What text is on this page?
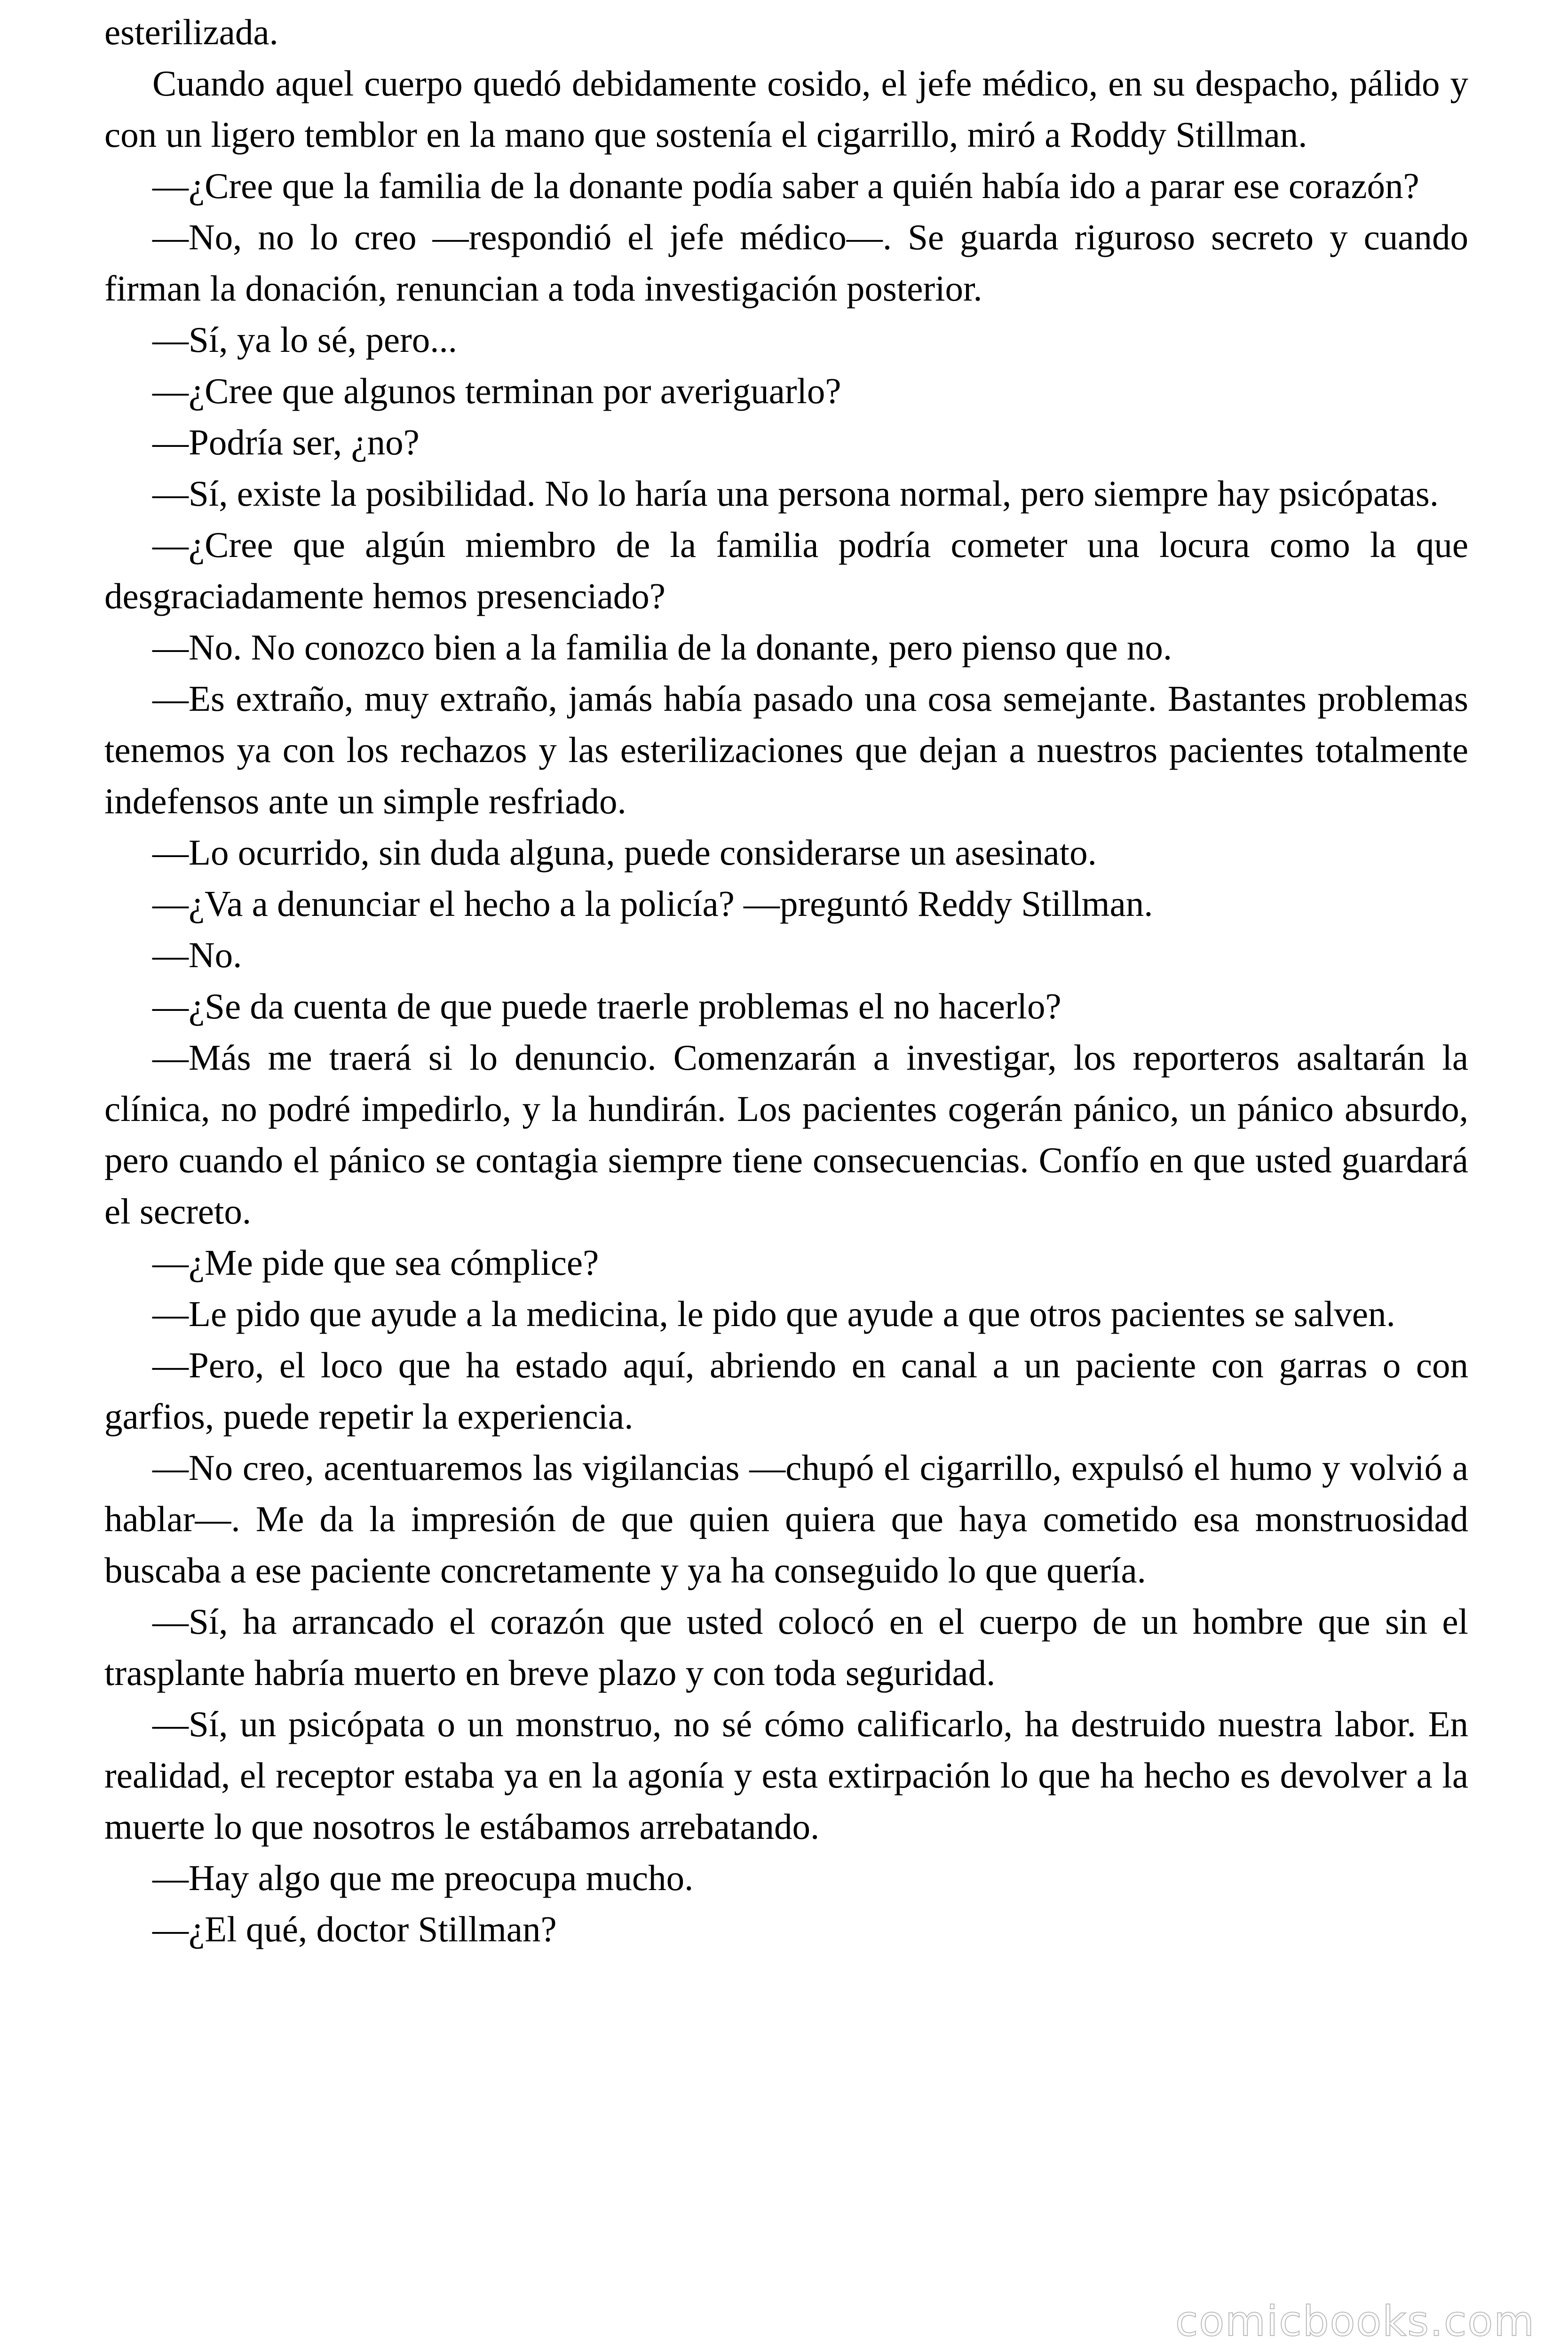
esterilizada.

Cuando aquel cuerpo quedó debidamente cosido, el jefe médico, en su despacho, pálido y con un ligero temblor en la mano que sostenía el cigarrillo, miró a Roddy Stillman.

—¿Cree que la familia de la donante podía saber a quién había ido a parar ese corazón?

—No, no lo creo —respondió el jefe médico—. Se guarda riguroso secreto y cuando firman la donación, renuncian a toda investigación posterior.

—Sí, ya lo sé, pero...

—¿Cree que algunos terminan por averiguarlo?

—Podría ser, ¿no?

—Sí, existe la posibilidad. No lo haría una persona normal, pero siempre hay psicópatas.

—¿Cree que algún miembro de la familia podría cometer una locura como la que desgraciadamente hemos presenciado?

—No. No conozco bien a la familia de la donante, pero pienso que no.

—Es extraño, muy extraño, jamás había pasado una cosa semejante. Bastantes problemas tenemos ya con los rechazos y las esterilizaciones que dejan a nuestros pacientes totalmente indefensos ante un simple resfriado.

—Lo ocurrido, sin duda alguna, puede considerarse un asesinato.

—¿Va a denunciar el hecho a la policía? —preguntó Reddy Stillman.

—No.

—¿Se da cuenta de que puede traerle problemas el no hacerlo?

—Más me traerá si lo denuncio. Comenzarán a investigar, los reporteros asaltarán la clínica, no podré impedirlo, y la hundirán. Los pacientes cogerán pánico, un pánico absurdo, pero cuando el pánico se contagia siempre tiene consecuencias. Confío en que usted guardará el secreto.

—¿Me pide que sea cómplice?

—Le pido que ayude a la medicina, le pido que ayude a que otros pacientes se salven.

—Pero, el loco que ha estado aquí, abriendo en canal a un paciente con garras o con garfios, puede repetir la experiencia.

—No creo, acentuaremos las vigilancias —chupó el cigarrillo, expulsó el humo y volvió a hablar—. Me da la impresión de que quien quiera que haya cometido esa monstruosidad buscaba a ese paciente concretamente y ya ha conseguido lo que quería.

—Sí, ha arrancado el corazón que usted colocó en el cuerpo de un hombre que sin el trasplante habría muerto en breve plazo y con toda seguridad.

—Sí, un psicópata o un monstruo, no sé cómo calificarlo, ha destruido nuestra labor. En realidad, el receptor estaba ya en la agonía y esta extirpación lo que ha hecho es devolver a la muerte lo que nosotros le estábamos arrebatando.

—Hay algo que me preocupa mucho.

—¿El qué, doctor Stillman?

comicbooks.com
